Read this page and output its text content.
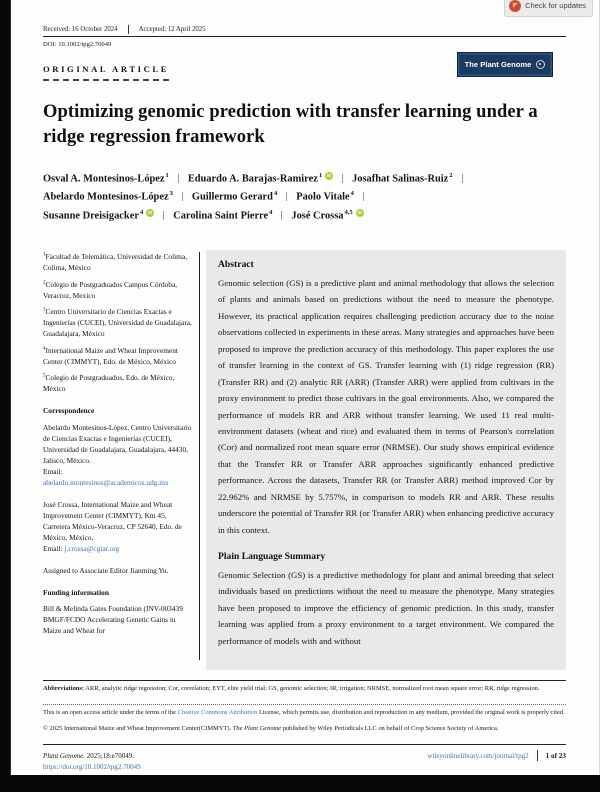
Check for updates
Received: 16 October 2024	Accepted: 12 April 2025
DOI: 10.1002/tpg2.70049
The Plant Genome
ORIGINAL ARTICLE
Optimizing genomic prediction with transfer learning under a ridge regression framework
Osval A. Montesinos-López$^1$ Eduardo A. Barajas-Ramirez$^1$ iD	Josafhat Salinas-Ruiz$^2$
Abelardo Montesinos-López$^3$ Guillermo Gerard$^4$ Paolo Vitale$^4$
Susanne Dreisigacker$^4$ iD	Carolina Saint Pierre$^4$ José Crossa$^{4,5}$iD

$^1$Facultad de Telemática, Universidad de Colima, Colima, México

$^2$Colegio de Postgraduados Campus Córdoba, Veracruz, Mexico

$^3$Centro Universitario de Ciencias Exactas e Ingenierías (CUCEI), Universidad de Guadalajara, Guadalajara, México

$^4$International Maize and Wheat Improvement Center (CIMMYT), Edo. de México, México

$^5$Colegio de Postgraduados, Edo. de México, México

Correspondence

Abelardo Montesinos-López, Centro Universitario de Ciencias Exactas e Ingenierías (CUCEI), Universidad de Guadalajara, Guadalajara, 44430, Jalisco, México.
Email:
abelardo.montesinos@academicos.udg.mx

José Crossa, International Maize and Wheat Improvement Center (CIMMYT), Km 45, Carretera México-Veracruz, CP 52640, Edo. de México, México.
Email: j.crossa@cgiar.org

Assigned to Associate Editor Jianming Yu.

Funding information

Bill & Melinda Gates Foundation (INV-003439 BMGF/FCDO Accelerating Genetic Gains in Maize and Wheat for

Abstract

Genomic selection (GS) is a predictive plant and animal methodology that allows the selection of plants and animals based on predictions without the need to measure the phenotype. However, its practical application requires challenging prediction accuracy due to the noise observations collected in experiments in these areas. Many strategies and approaches have been proposed to improve the prediction accuracy of this methodology. This paper explores the use of transfer learning in the context of GS. Transfer learning with (1) ridge regression (RR) (Transfer RR) and (2) analytic RR (ARR) (Transfer ARR) were applied from cultivars in the proxy environment to predict those cultivars in the goal environments. Also, we compared the performance of models RR and ARR without transfer learning. We used 11 real multi-environment datasets (wheat and rice) and evaluated them in terms of Pearson's correlation (Cor) and normalized root mean square error (NRMSE). Our study shows empirical evidence that the Transfer RR or Transfer ARR approaches significantly enhanced predictive performance. Across the datasets, Transfer RR (or Transfer ARR) method improved Cor by 22.962% and NRMSE by 5.757%, in comparison to models RR and ARR. These results underscore the potential of Transfer RR (or Transfer ARR) when enhancing predictive accuracy in this context.

Plain Language Summary

Genomic Selection (GS) is a predictive methodology for plant and animal breeding that select individuals based on predictions without the need to measure the phenotype. Many strategies have been proposed to improve the efficiency of genomic prediction. In this study, transfer learning was applied from a proxy environment to a target environment. We compared the performance of models with and without

Abbreviations: ARR, analytic ridge regression; Cor, correlation; EYT, elite yield trial; GS, genomic selection; IR, irrigation; NRMSE, normalized root mean square error; RR, ridge regression.
This is an open access article under the terms of the Creative Commons Attribution License, which permits use, distribution and reproduction in any medium, provided the original work is properly cited.
© 2025 International Maize and Wheat Improvement Center(CIMMYT). The Plant Genome published by Wiley Periodicals LLC on behalf of Crop Science Society of America.
Plant Genome. 2025;18:e70049.	wileyonlinelibrary.com/journal/tpg2 1 of 23
https://doi.org/10.1002/tpg2.70049
